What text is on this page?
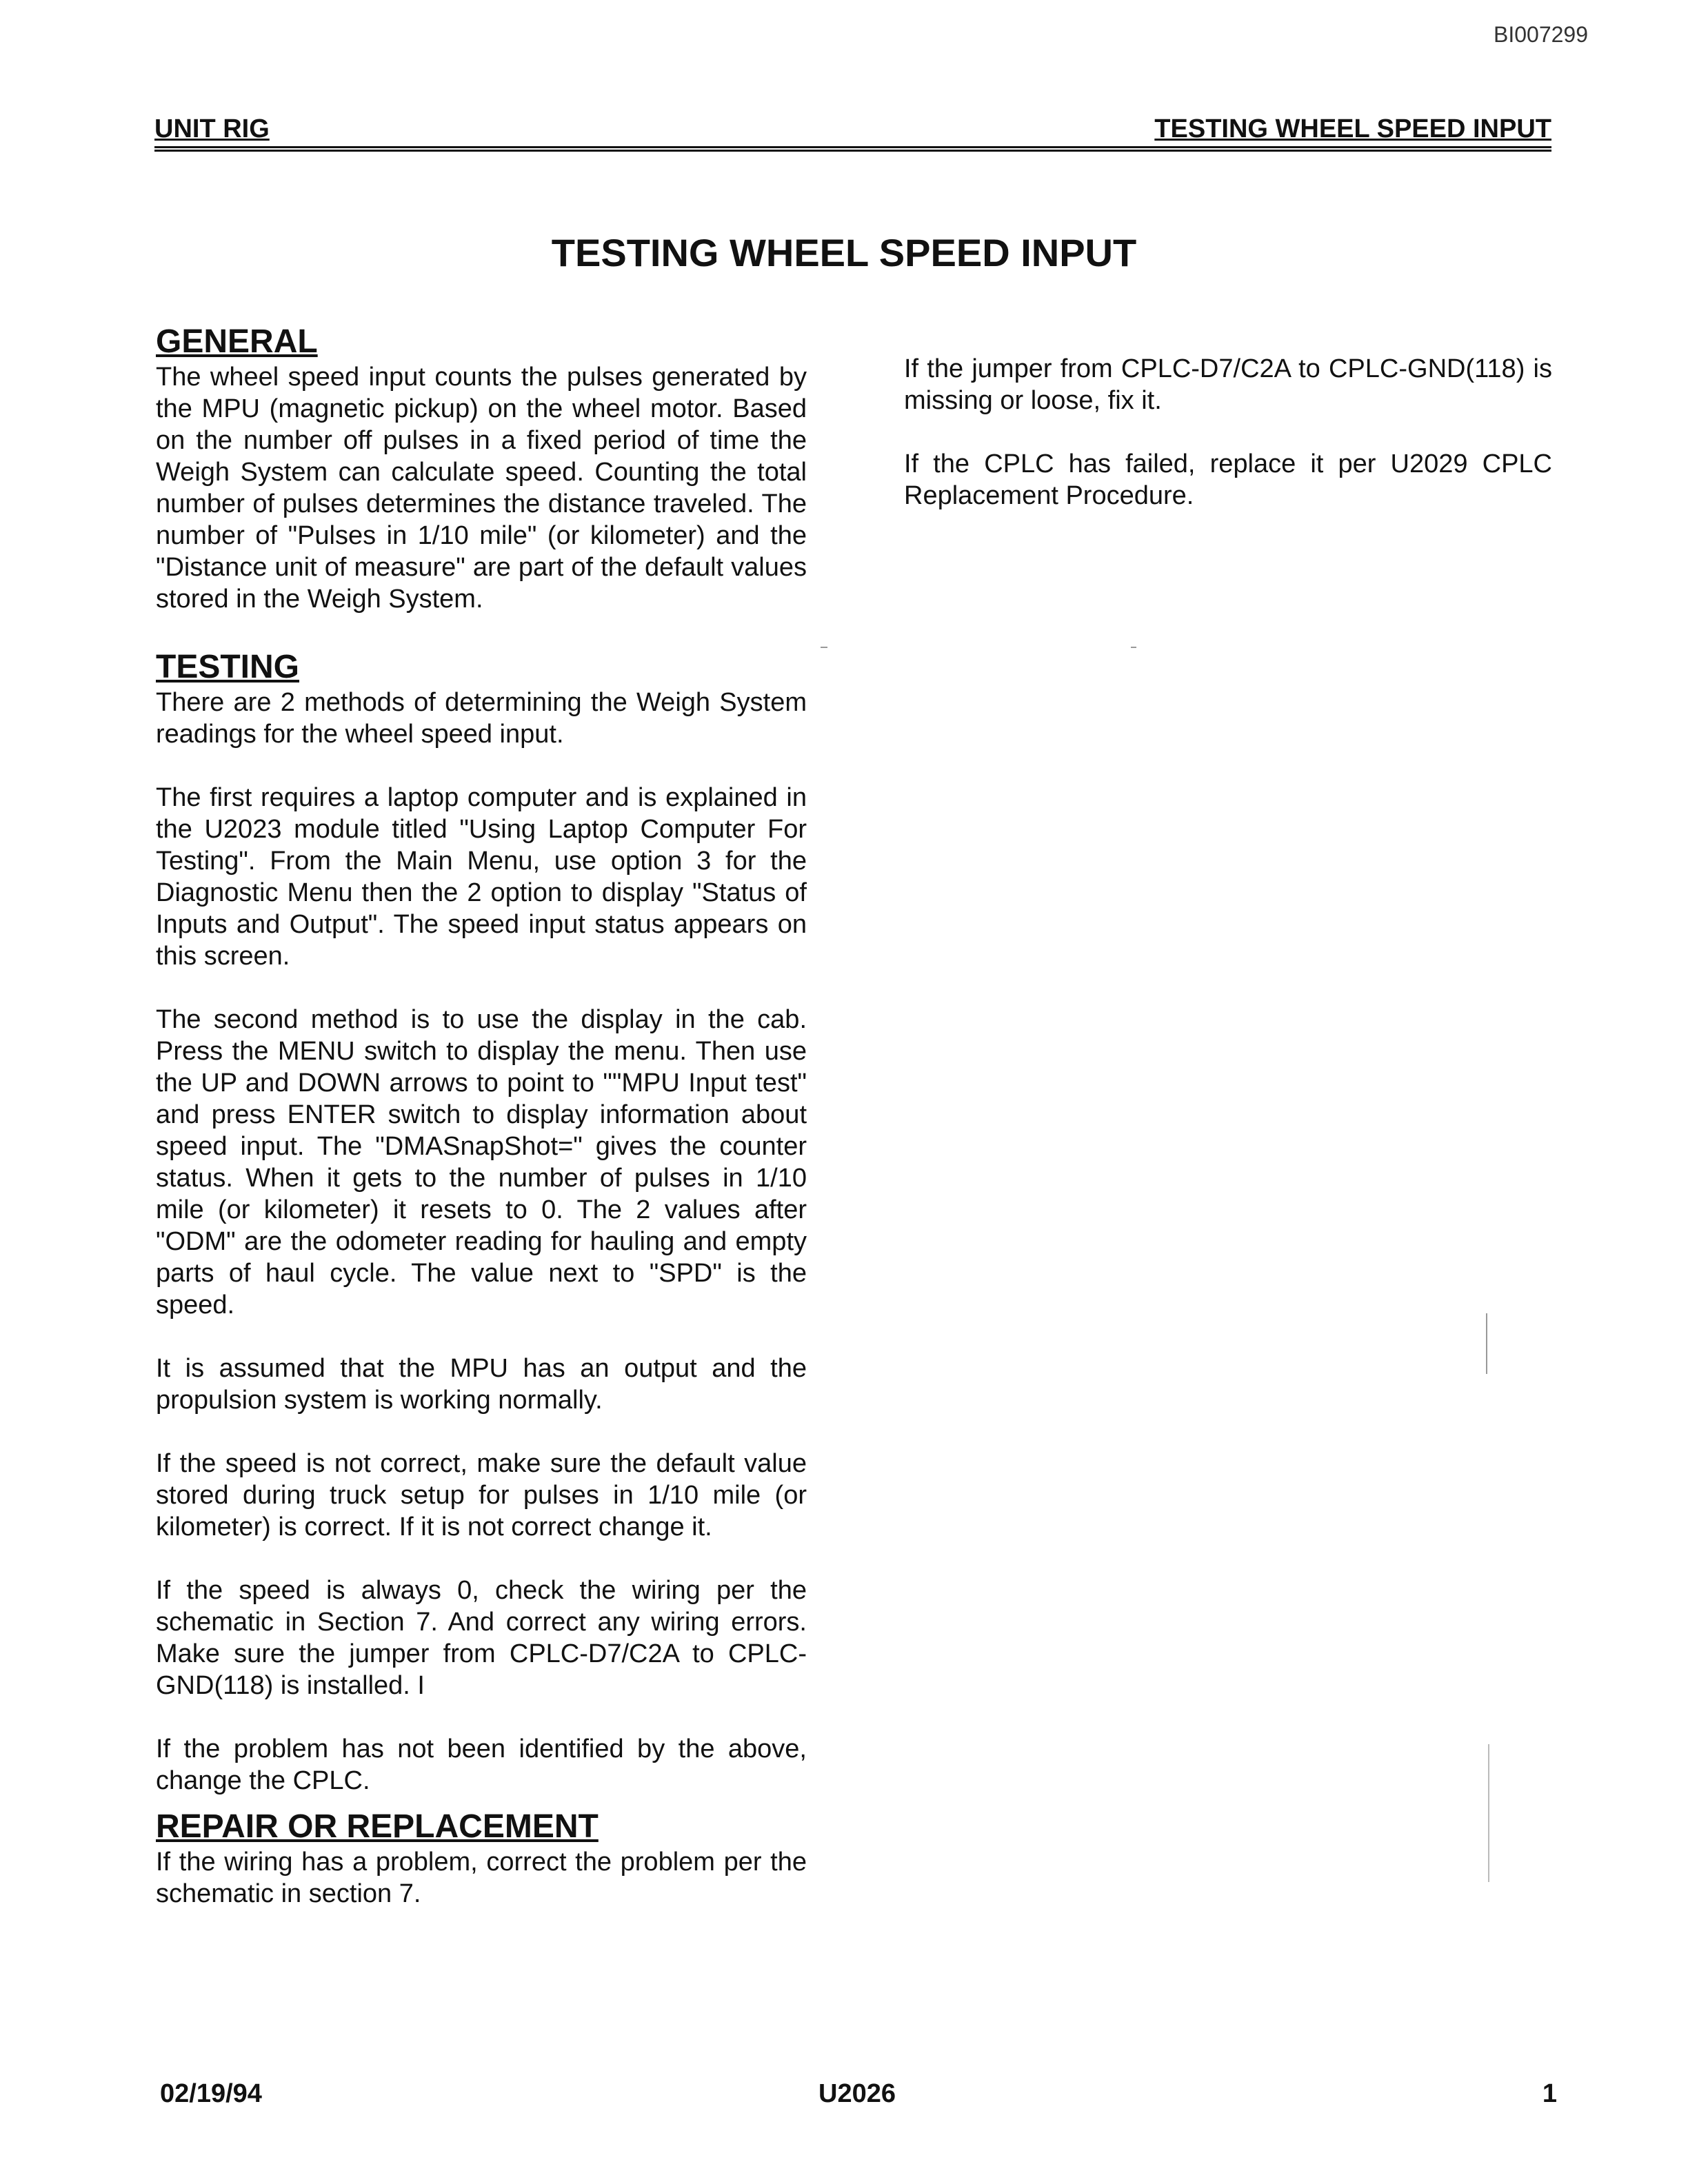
BI007299
UNIT RIG	TESTING WHEEL SPEED INPUT
TESTING WHEEL SPEED INPUT
GENERAL

The wheel speed input counts the pulses generated by the MPU (magnetic pickup) on the wheel motor. Based on the number off pulses in a fixed period of time the Weigh System can calculate speed. Counting the total number of pulses determines the distance traveled. The number of "Pulses in 1/10 mile" (or kilometer) and the "Distance unit of measure" are part of the default values stored in the Weigh System.

TESTING

There are 2 methods of determining the Weigh System readings for the wheel speed input.

The first requires a laptop computer and is explained in the U2023 module titled "Using Laptop Computer For Testing". From the Main Menu, use option 3 for the Diagnostic Menu then the 2 option to display "Status of Inputs and Output". The speed input status appears on this screen.

The second method is to use the display in the cab. Press the MENU switch to display the menu. Then use the UP and DOWN arrows to point to ""MPU Input test" and press ENTER switch to display information about speed input. The "DMASnapShot=" gives the counter status. When it gets to the number of pulses in 1/10 mile (or kilometer) it resets to 0. The 2 values after "ODM" are the odometer reading for hauling and empty parts of haul cycle. The value next to "SPD" is the speed.

It is assumed that the MPU has an output and the propulsion system is working normally.

If the speed is not correct, make sure the default value stored during truck setup for pulses in 1/10 mile (or kilometer) is correct. If it is not correct change it.

If the speed is always 0, check the wiring per the schematic in Section 7. And correct any wiring errors. Make sure the jumper from CPLC-D7/C2A to CPLC-GND(118) is installed. I

If the problem has not been identified by the above, change the CPLC.

REPAIR OR REPLACEMENT

If the wiring has a problem, correct the problem per the schematic in section 7.

If the jumper from CPLC-D7/C2A to CPLC-GND(118) is missing or loose, fix it.

If the CPLC has failed, replace it per U2029 CPLC Replacement Procedure.

02/19/94	U2026	1
